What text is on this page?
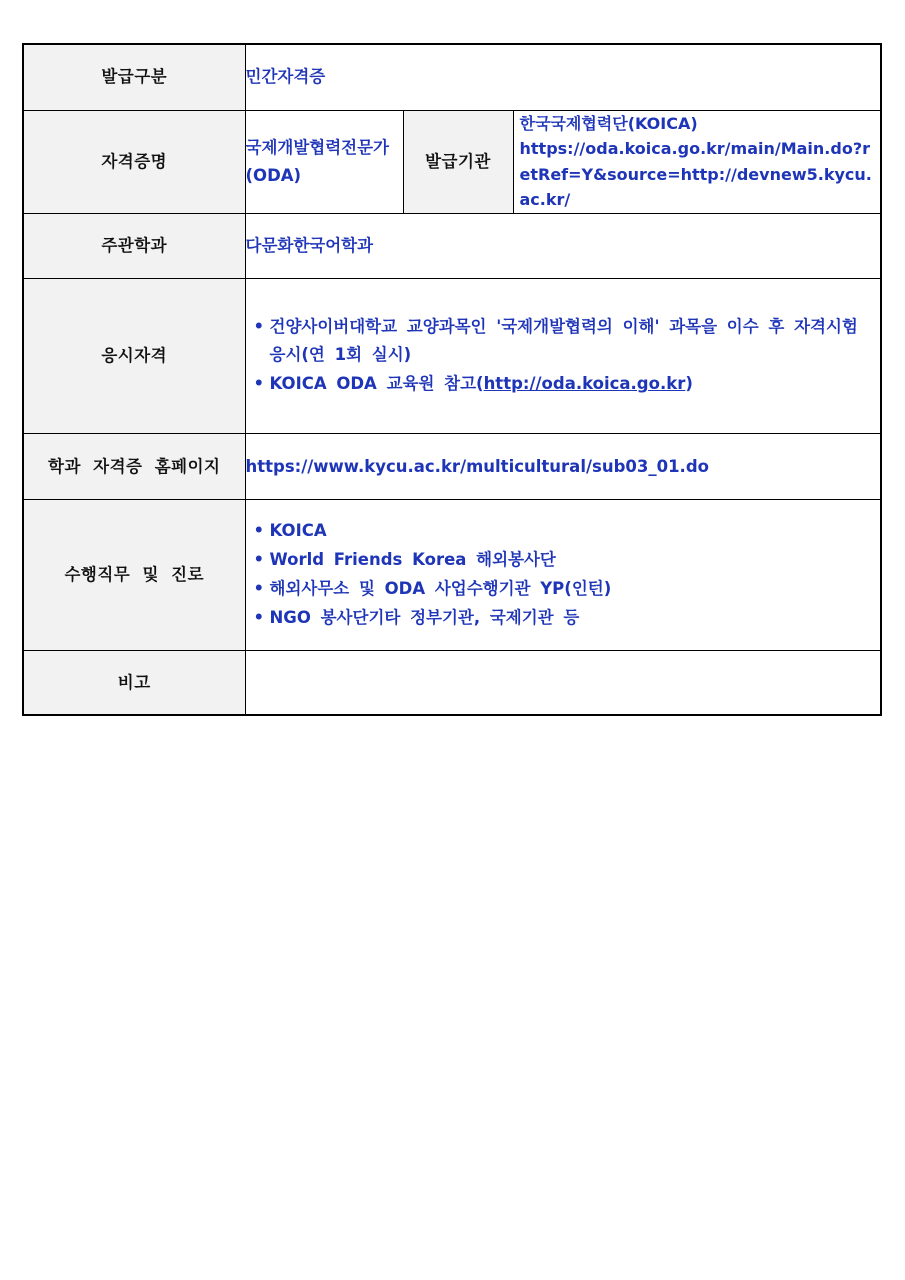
발급구분	민간자격증		
자격증명	국제개발협력전문가(ODA)	발급기관	한국국제협력단(KOICA)
https://oda.koica.go.kr/main/Main.do?retRef=Y&source=http://devnew5.kycu.ac.kr/

주관학과	다문화한국어학과		
응시자격	• 건양사이버대학교 교양과목인 '국제개발협력의 이해' 과목을 이수 후 자격시험 응시(연 1회 실시)
• KOICA ODA 교육원 참고(http://oda.koica.go.kr)		

학과 자격증 홈페이지	https://www.kycu.ac.kr/multicultural/sub03_01.do		
수행직무 및 진로	• KOICA
• World Friends Korea 해외봉사단
• 해외사무소 및 ODA 사업수행기관 YP(인턴)
• NGO 봉사단기타 정부기관, 국제기관 등		

비고			
